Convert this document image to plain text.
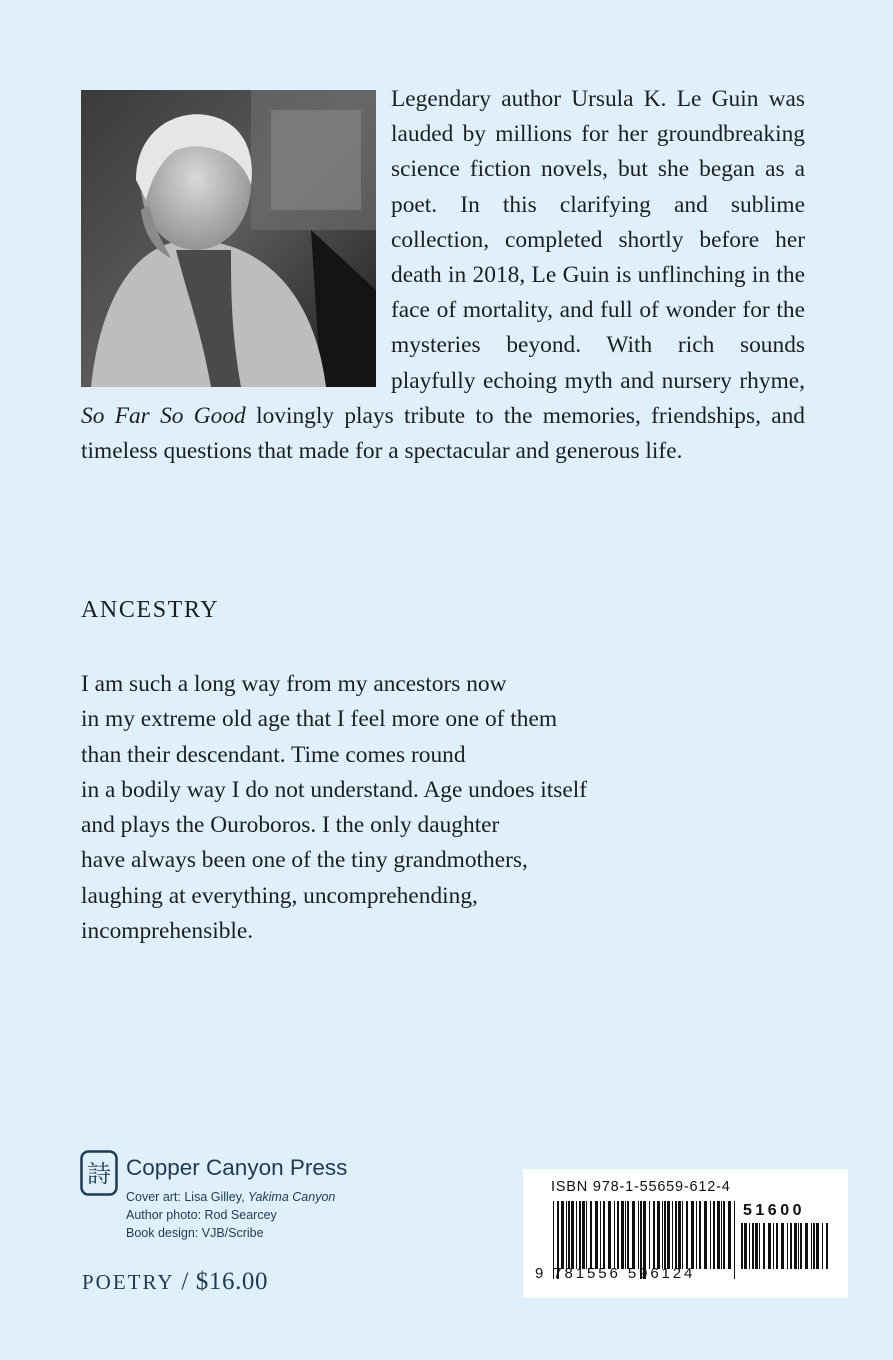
Legendary author Ursula K. Le Guin was lauded by millions for her groundbreaking science fiction novels, but she began as a poet. In this clarifying and sublime collection, completed shortly before her death in 2018, Le Guin is unflinching in the face of mortality, and full of wonder for the mysteries beyond. With rich sounds playfully echoing myth and nursery rhyme, So Far So Good lovingly plays tribute to the memories, friendships, and timeless questions that made for a spectacular and generous life.

ANCESTRY
I am such a long way from my ancestors now
in my extreme old age that I feel more one of them
than their descendant. Time comes round
in a bodily way I do not understand. Age undoes itself
and plays the Ouroboros. I the only daughter
have always been one of the tiny grandmothers,
laughing at everything, uncomprehending,
incomprehensible.
詩 Copper Canyon Press
Cover art: Lisa Gilley, Yakima Canyon
Author photo: Rod Searcey
Book design: VJB/Scribe
POETRY / $16.00
ISBN 978-1-55659-612-4
51600
9 781556 596124
